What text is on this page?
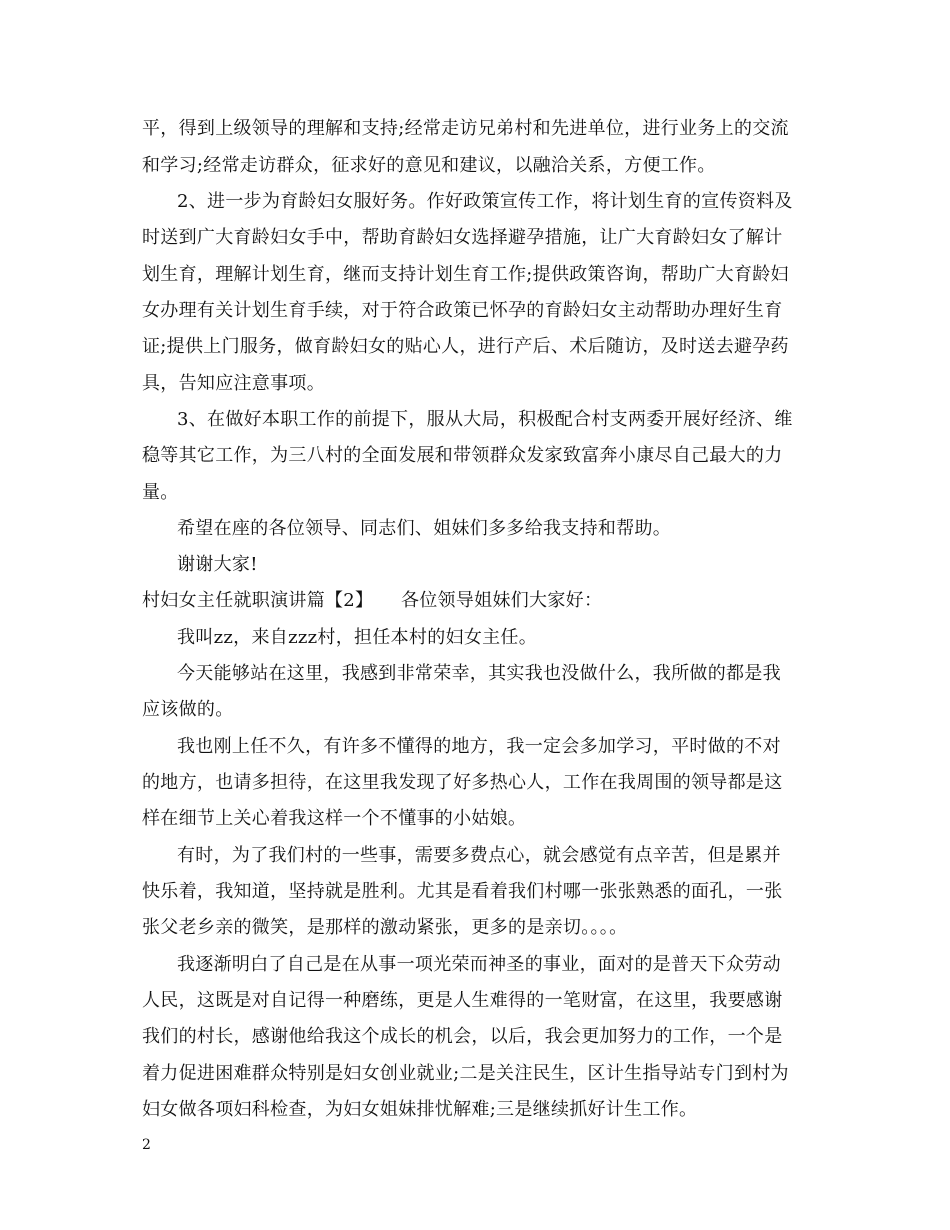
平，得到上级领导的理解和支持;经常走访兄弟村和先进单位，进行业务上的交流
和学习;经常走访群众，征求好的意见和建议，以融洽关系，方便工作。
2、进一步为育龄妇女服好务。作好政策宣传工作，将计划生育的宣传资料及
时送到广大育龄妇女手中，帮助育龄妇女选择避孕措施，让广大育龄妇女了解计
划生育，理解计划生育，继而支持计划生育工作;提供政策咨询，帮助广大育龄妇
女办理有关计划生育手续，对于符合政策已怀孕的育龄妇女主动帮助办理好生育
证;提供上门服务，做育龄妇女的贴心人，进行产后、术后随访，及时送去避孕药
具，告知应注意事项。
3、在做好本职工作的前提下，服从大局，积极配合村支两委开展好经济、维
稳等其它工作，为三八村的全面发展和带领群众发家致富奔小康尽自己最大的力
量。
希望在座的各位领导、同志们、姐妹们多多给我支持和帮助。
谢谢大家!
村妇女主任就职演讲篇【2】　　各位领导姐妹们大家好：
我叫zz，来自zzz村，担任本村的妇女主任。
今天能够站在这里，我感到非常荣幸，其实我也没做什么，我所做的都是我
应该做的。
我也刚上任不久，有许多不懂得的地方，我一定会多加学习，平时做的不对
的地方，也请多担待，在这里我发现了好多热心人，工作在我周围的领导都是这
样在细节上关心着我这样一个不懂事的小姑娘。
有时，为了我们村的一些事，需要多费点心，就会感觉有点辛苦，但是累并
快乐着，我知道，坚持就是胜利。尤其是看着我们村哪一张张熟悉的面孔，一张
张父老乡亲的微笑，是那样的激动紧张，更多的是亲切。。。。
我逐渐明白了自己是在从事一项光荣而神圣的事业，面对的是普天下众劳动
人民，这既是对自记得一种磨练，更是人生难得的一笔财富，在这里，我要感谢
我们的村长，感谢他给我这个成长的机会，以后，我会更加努力的工作，一个是
着力促进困难群众特别是妇女创业就业;二是关注民生，区计生指导站专门到村为
妇女做各项妇科检查，为妇女姐妹排忧解难;三是继续抓好计生工作。
2
